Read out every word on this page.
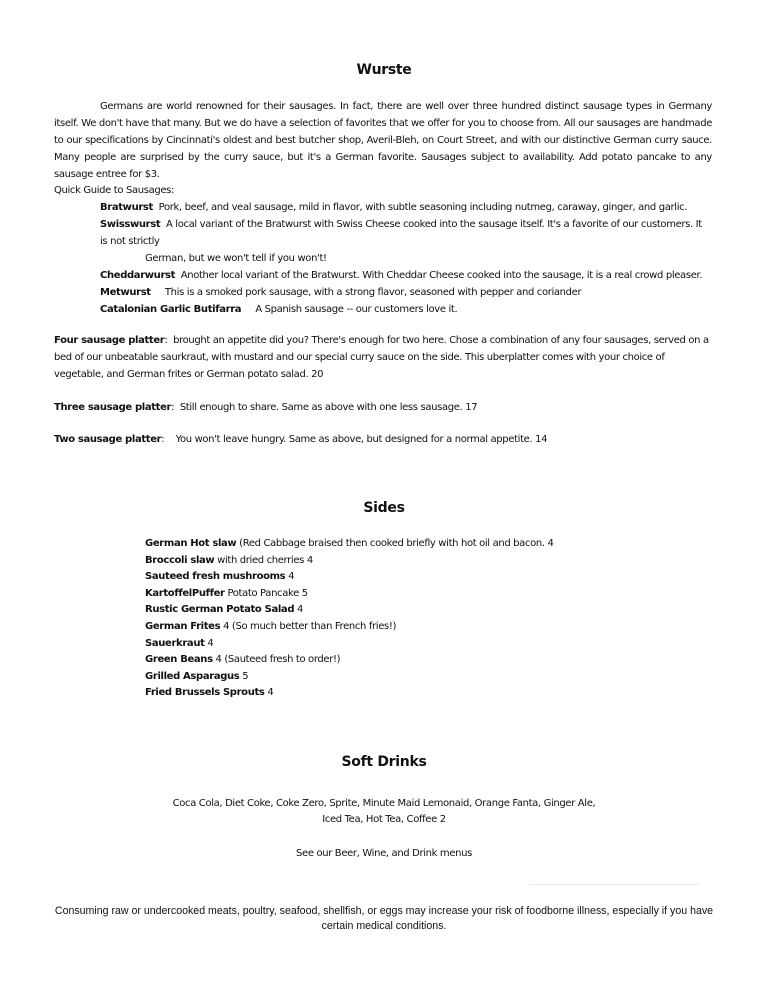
Wurste

Germans are world renowned for their sausages. In fact, there are well over three hundred distinct sausage types in Germany itself. We don't have that many. But we do have a selection of favorites that we offer for you to choose from. All our sausages are handmade to our specifications by Cincinnati's oldest and best butcher shop, Averil-Bleh, on Court Street, and with our distinctive German curry sauce. Many people are surprised by the curry sauce, but it's a German favorite. Sausages subject to availability. Add potato pancake to any sausage entree for $3.

Quick Guide to Sausages:
Bratwurst Pork, beef, and veal sausage, mild in flavor, with subtle seasoning including nutmeg, caraway, ginger, and garlic.
Swisswurst A local variant of the Bratwurst with Swiss Cheese cooked into the sausage itself. It's a favorite of our customers. It is not strictly
German, but we won't tell if you won't!
Cheddarwurst Another local variant of the Bratwurst. With Cheddar Cheese cooked into the sausage, it is a real crowd pleaser.
Metwurst This is a smoked pork sausage, with a strong flavor, seasoned with pepper and coriander
Catalonian Garlic Butifarra A Spanish sausage -- our customers love it.
Four sausage platter:  brought an appetite did you? There's enough for two here. Chose a combination of any four sausages, served on a bed of our unbeatable saurkraut, with mustard and our special curry sauce on the side. This uberplatter comes with your choice of vegetable, and German frites or German potato salad. 20
Three sausage platter:  Still enough to share. Same as above with one less sausage. 17
Two sausage platter:    You won't leave hungry. Same as above, but designed for a normal appetite. 14
Sides
German Hot slaw (Red Cabbage braised then cooked briefly with hot oil and bacon. 4
Broccoli slaw with dried cherries 4
Sauteed fresh mushrooms 4
KartoffelPuffer Potato Pancake 5
Rustic German Potato Salad 4
German Frites 4 (So much better than French fries!)
Sauerkraut 4
Green Beans 4 (Sauteed fresh to order!)
Grilled Asparagus 5
Fried Brussels Sprouts 4
Soft Drinks
Coca Cola, Diet Coke, Coke Zero, Sprite, Minute Maid Lemonaid, Orange Fanta, Ginger Ale,
Iced Tea, Hot Tea, Coffee 2
See our Beer, Wine, and Drink menus
Consuming raw or undercooked meats, poultry, seafood, shellfish, or eggs may increase your risk of foodborne illness, especially if you have certain medical conditions.
